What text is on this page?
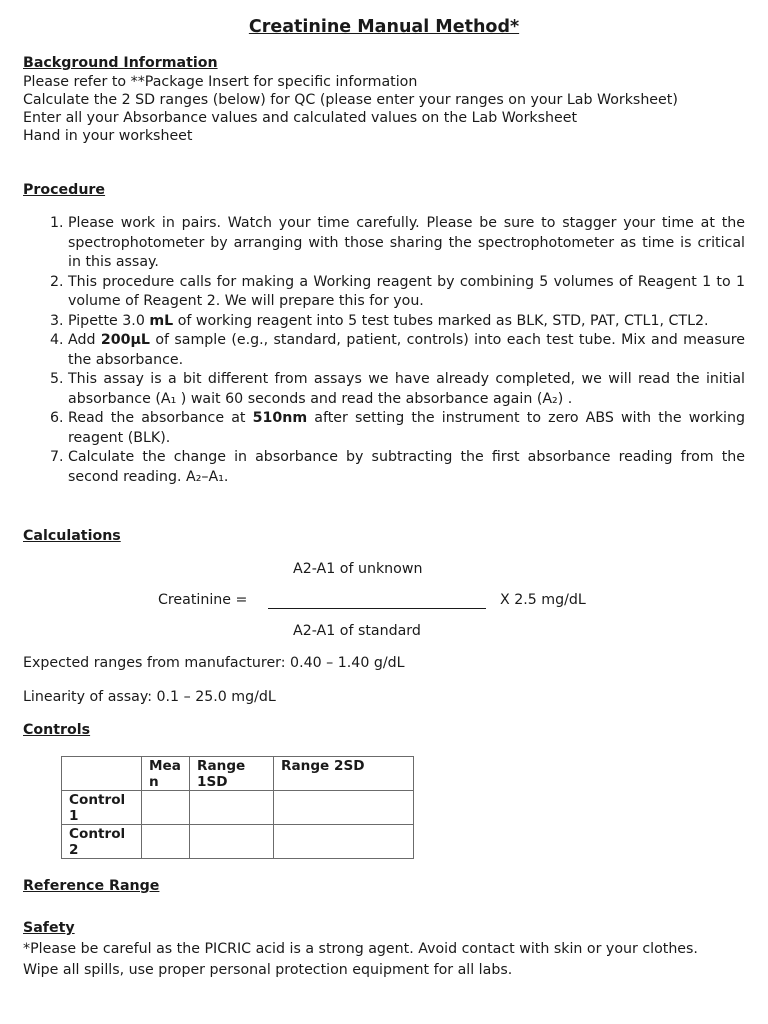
Creatinine Manual Method*
Background Information
Please refer to **Package Insert for specific information
Calculate the 2 SD ranges (below) for QC (please enter your ranges on your Lab Worksheet)
Enter all your Absorbance values and calculated values on the Lab Worksheet
Hand in your worksheet
Procedure
1. Please work in pairs. Watch your time carefully. Please be sure to stagger your time at the spectrophotometer by arranging with those sharing the spectrophotometer as time is critical in this assay.
2. This procedure calls for making a Working reagent by combining 5 volumes of Reagent 1 to 1 volume of Reagent 2. We will prepare this for you.
3. Pipette 3.0 mL of working reagent into 5 test tubes marked as BLK, STD, PAT, CTL1, CTL2.
4. Add 200µL of sample (e.g., standard, patient, controls) into each test tube. Mix and measure the absorbance.
5. This assay is a bit different from assays we have already completed, we will read the initial absorbance (A₁ ) wait 60 seconds and read the absorbance again (A₂) .
6. Read the absorbance at 510nm after setting the instrument to zero ABS with the working reagent (BLK).
7. Calculate the change in absorbance by subtracting the first absorbance reading from the second reading. A₂–A₁.
Calculations
A2-A1 of unknown
Creatinine =	X 2.5 mg/dL
A2-A1 of standard
Expected ranges from manufacturer: 0.40 – 1.40 g/dL
Linearity of assay: 0.1 – 25.0 mg/dL
Controls
	Mea n	Range 1SD	Range 2SD
Control 1			
Control 2			
Reference Range
Safety
*Please be careful as the PICRIC acid is a strong agent. Avoid contact with skin or your clothes.
Wipe all spills, use proper personal protection equipment for all labs.
